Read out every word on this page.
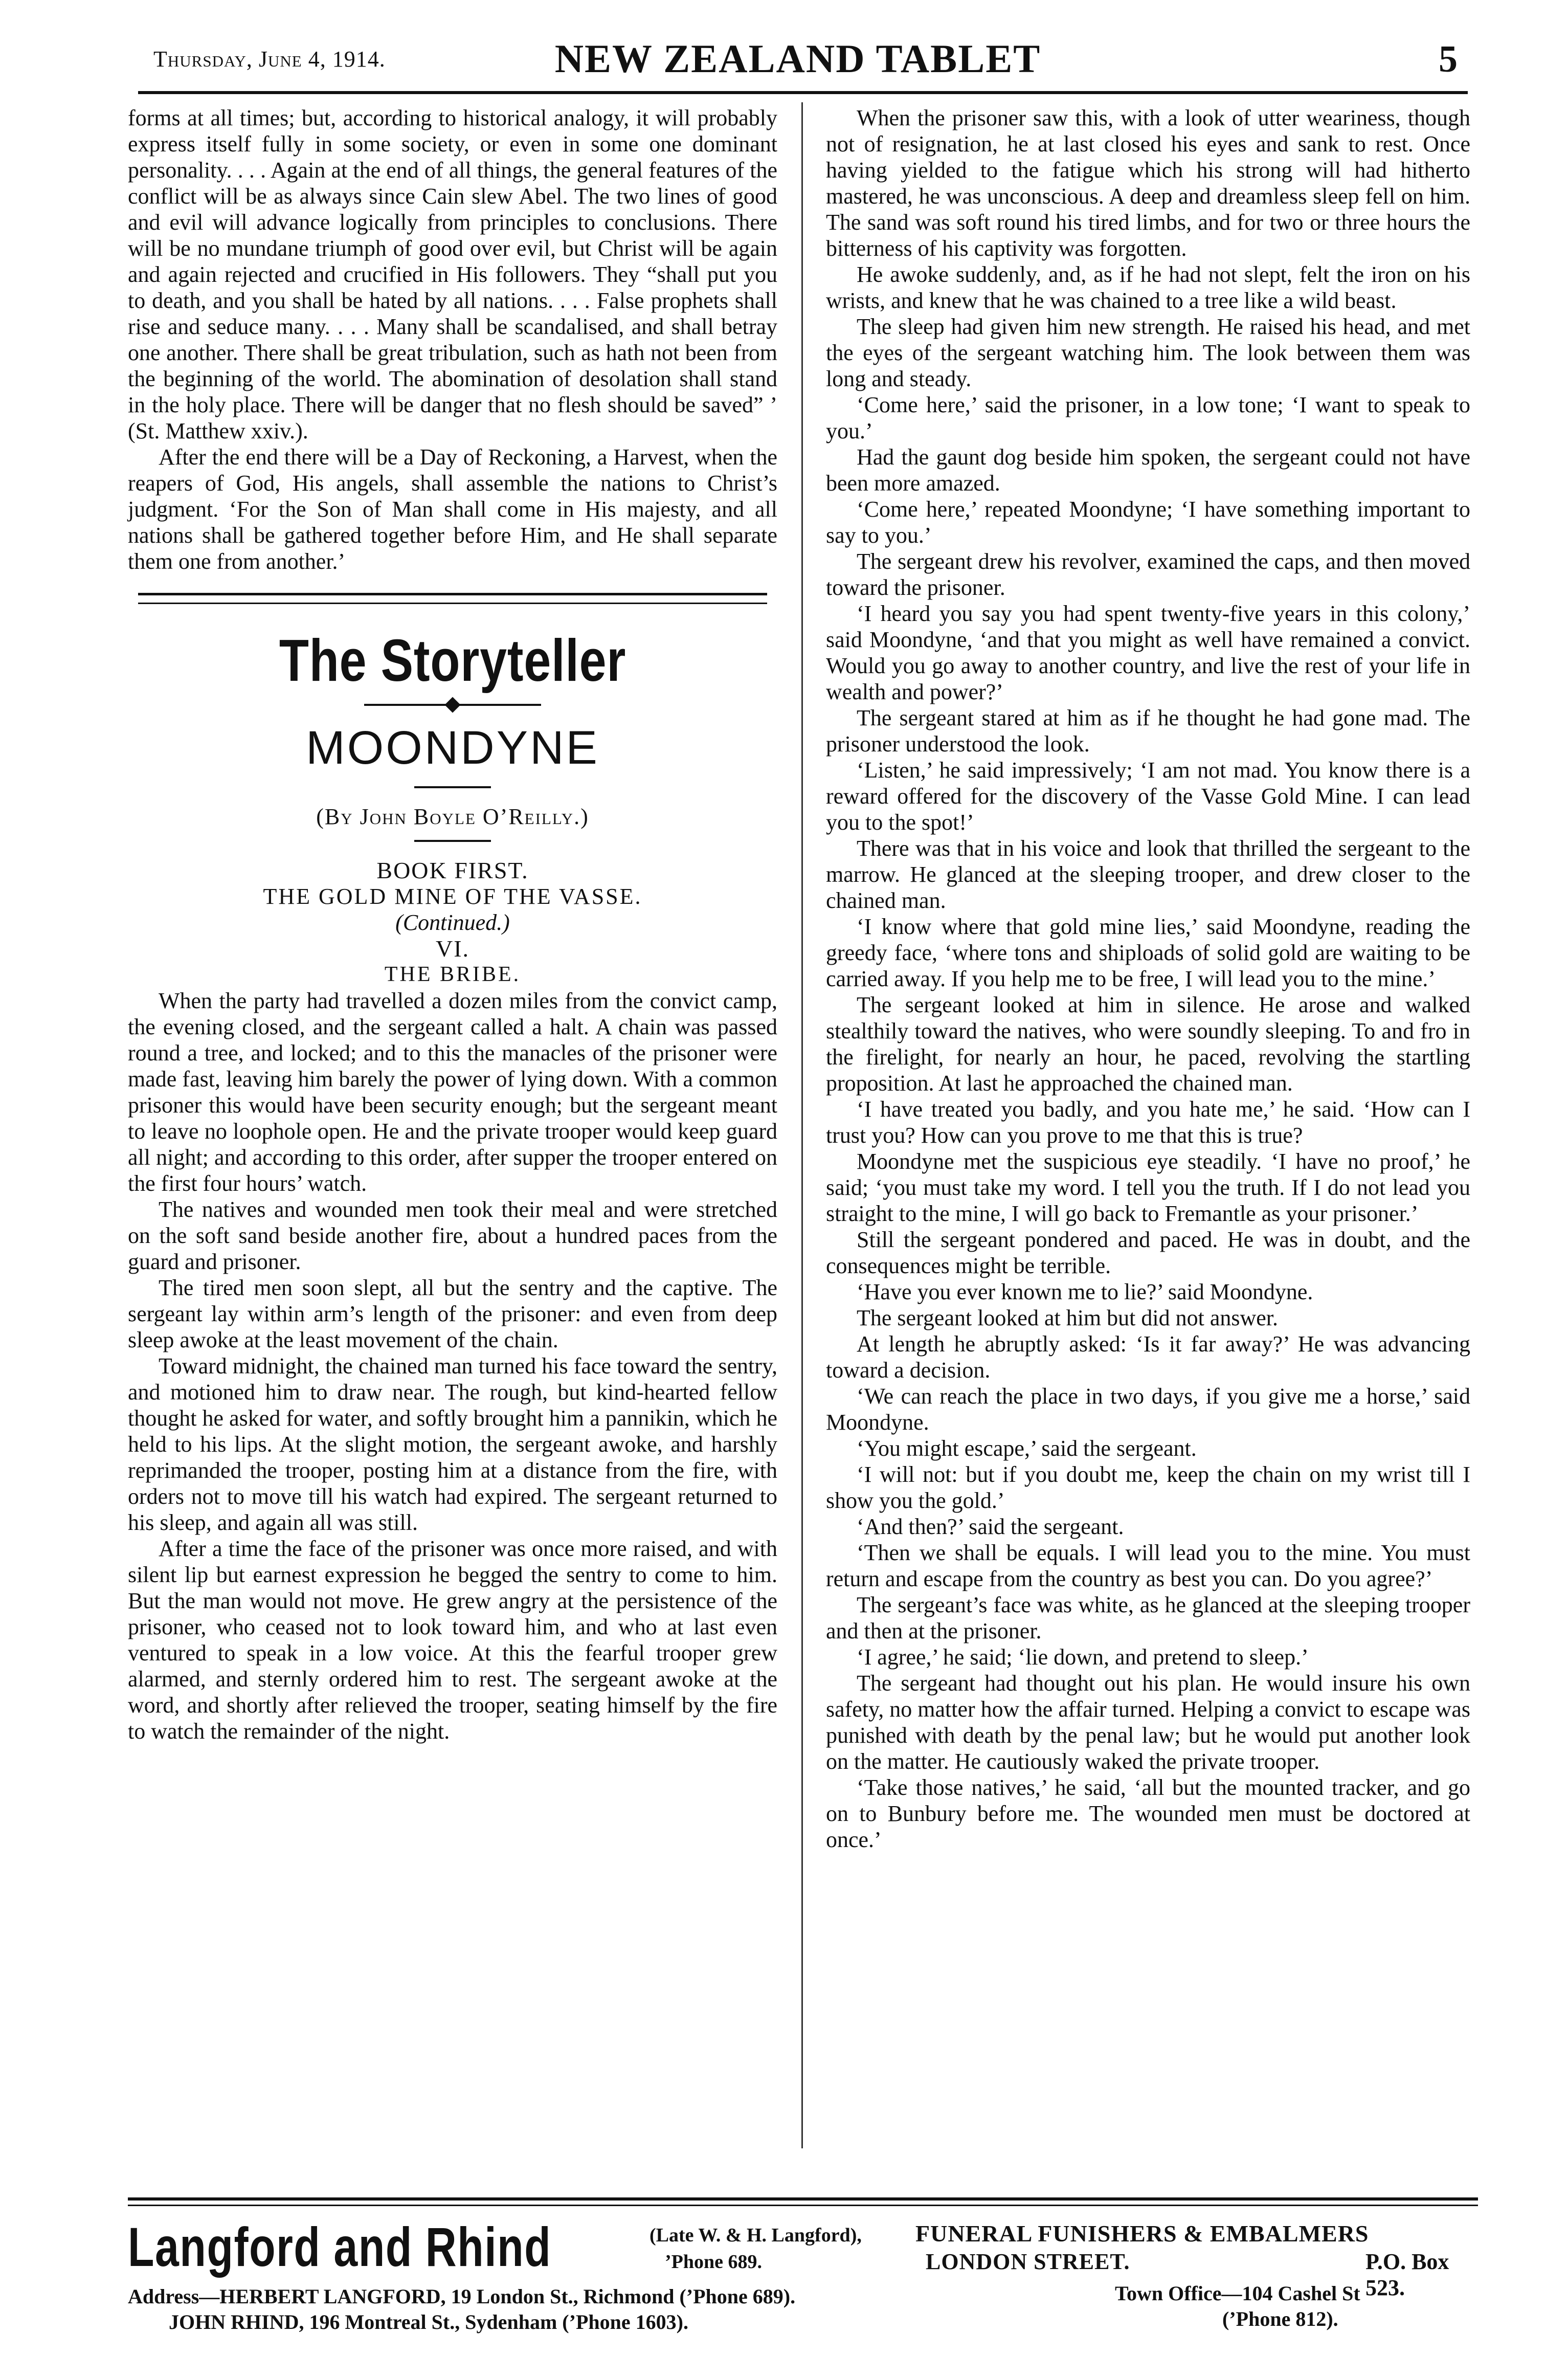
Thursday, June 4, 1914.	NEW ZEALAND TABLET	5

forms at all times; but, according to historical analogy, it will probably express itself fully in some society, or even in some one dominant personality. . . . Again at the end of all things, the general features of the conflict will be as always since Cain slew Abel. The two lines of good and evil will advance logically from principles to conclusions. There will be no mundane triumph of good over evil, but Christ will be again and again rejected and crucified in His followers. They “shall put you to death, and you shall be hated by all nations. . . . False prophets shall rise and seduce many. . . . Many shall be scandalised, and shall betray one another. There shall be great tribulation, such as hath not been from the beginning of the world. The abomination of desolation shall stand in the holy place. There will be danger that no flesh should be saved” ’ (St. Matthew xxiv.).

After the end there will be a Day of Reckoning, a Harvest, when the reapers of God, His angels, shall assemble the nations to Christ’s judgment. ‘For the Son of Man shall come in His majesty, and all nations shall be gathered together before Him, and He shall separate them one from another.’

The Storyteller
MOONDYNE

(By John Boyle O’Reilly.)

BOOK FIRST.

THE GOLD MINE OF THE VASSE.

(Continued.)

VI.

THE BRIBE.

When the party had travelled a dozen miles from the convict camp, the evening closed, and the sergeant called a halt. A chain was passed round a tree, and locked; and to this the manacles of the prisoner were made fast, leaving him barely the power of lying down. With a common prisoner this would have been security enough; but the sergeant meant to leave no loophole open. He and the private trooper would keep guard all night; and according to this order, after supper the trooper entered on the first four hours’ watch.

The natives and wounded men took their meal and were stretched on the soft sand beside another fire, about a hundred paces from the guard and prisoner.

The tired men soon slept, all but the sentry and the captive. The sergeant lay within arm’s length of the prisoner: and even from deep sleep awoke at the least movement of the chain.

Toward midnight, the chained man turned his face toward the sentry, and motioned him to draw near. The rough, but kind-hearted fellow thought he asked for water, and softly brought him a pannikin, which he held to his lips. At the slight motion, the sergeant awoke, and harshly reprimanded the trooper, posting him at a distance from the fire, with orders not to move till his watch had expired. The sergeant returned to his sleep, and again all was still.

After a time the face of the prisoner was once more raised, and with silent lip but earnest expression he begged the sentry to come to him. But the man would not move. He grew angry at the persistence of the prisoner, who ceased not to look toward him, and who at last even ventured to speak in a low voice. At this the fearful trooper grew alarmed, and sternly ordered him to rest. The sergeant awoke at the word, and shortly after relieved the trooper, seating himself by the fire to watch the remainder of the night.

When the prisoner saw this, with a look of utter weariness, though not of resignation, he at last closed his eyes and sank to rest. Once having yielded to the fatigue which his strong will had hitherto mastered, he was unconscious. A deep and dreamless sleep fell on him. The sand was soft round his tired limbs, and for two or three hours the bitterness of his captivity was forgotten.

He awoke suddenly, and, as if he had not slept, felt the iron on his wrists, and knew that he was chained to a tree like a wild beast.

The sleep had given him new strength. He raised his head, and met the eyes of the sergeant watching him. The look between them was long and steady.

‘Come here,’ said the prisoner, in a low tone; ‘I want to speak to you.’

Had the gaunt dog beside him spoken, the sergeant could not have been more amazed.

‘Come here,’ repeated Moondyne; ‘I have something important to say to you.’

The sergeant drew his revolver, examined the caps, and then moved toward the prisoner.

‘I heard you say you had spent twenty-five years in this colony,’ said Moondyne, ‘and that you might as well have remained a convict. Would you go away to another country, and live the rest of your life in wealth and power?’

The sergeant stared at him as if he thought he had gone mad. The prisoner understood the look.

‘Listen,’ he said impressively; ‘I am not mad. You know there is a reward offered for the discovery of the Vasse Gold Mine. I can lead you to the spot!’

There was that in his voice and look that thrilled the sergeant to the marrow. He glanced at the sleeping trooper, and drew closer to the chained man.

‘I know where that gold mine lies,’ said Moondyne, reading the greedy face, ‘where tons and shiploads of solid gold are waiting to be carried away. If you help me to be free, I will lead you to the mine.’

The sergeant looked at him in silence. He arose and walked stealthily toward the natives, who were soundly sleeping. To and fro in the firelight, for nearly an hour, he paced, revolving the startling proposition. At last he approached the chained man.

‘I have treated you badly, and you hate me,’ he said. ‘How can I trust you? How can you prove to me that this is true?

Moondyne met the suspicious eye steadily. ‘I have no proof,’ he said; ‘you must take my word. I tell you the truth. If I do not lead you straight to the mine, I will go back to Fremantle as your prisoner.’

Still the sergeant pondered and paced. He was in doubt, and the consequences might be terrible.

‘Have you ever known me to lie?’ said Moondyne.

The sergeant looked at him but did not answer.

At length he abruptly asked: ‘Is it far away?’ He was advancing toward a decision.

‘We can reach the place in two days, if you give me a horse,’ said Moondyne.

‘You might escape,’ said the sergeant.

‘I will not: but if you doubt me, keep the chain on my wrist till I show you the gold.’

‘And then?’ said the sergeant.

‘Then we shall be equals. I will lead you to the mine. You must return and escape from the country as best you can. Do you agree?’

The sergeant’s face was white, as he glanced at the sleeping trooper and then at the prisoner.

‘I agree,’ he said; ‘lie down, and pretend to sleep.’

The sergeant had thought out his plan. He would insure his own safety, no matter how the affair turned. Helping a convict to escape was punished with death by the penal law; but he would put another look on the matter. He cautiously waked the private trooper.

‘Take those natives,’ he said, ‘all but the mounted tracker, and go on to Bunbury before me. The wounded men must be doctored at once.’

Langford and Rhind	(Late W. & H. Langford), FUNERAL FUNISHERS & EMBALMERS
’Phone 689.	LONDON STREET.	P.O. Box 523.
Address—HERBERT LANGFORD, 19 London St., Richmond (’Phone 689).	Town Office—104 Cashel St
JOHN RHIND, 196 Montreal St., Sydenham (’Phone 1603).	(’Phone 812).
